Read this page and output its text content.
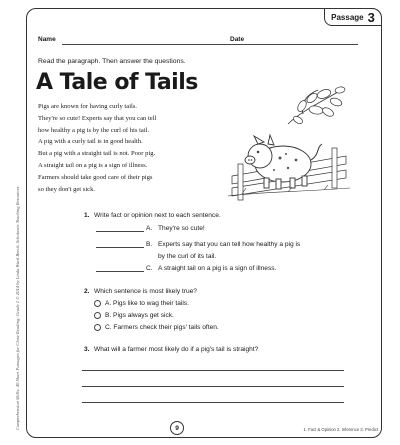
Comprehension Skills: 40 Short Passages for Close Reading: Grade 1 © 2014 by Linda Ward Beech, Scholastic Teaching Resources
Passage 3
Name	Date
Read the paragraph. Then answer the questions.
A Tale of Tails
Pigs are known for having curly tails.
They're so cute! Experts say that you can tell
how healthy a pig is by the curl of his tail.
A pig with a curly tail is in good health.
But a pig with a straight tail is not. Poor pig.
A straight tail on a pig is a sign of illness.
Farmers should take good care of their pigs
so they don't get sick.
1. Write fact or opinion next to each sentence.
A. They're so cute!
B. Experts say that you can tell how healthy a pig is
by the curl of its tail.
C. A straight tail on a pig is a sign of illness.
2. Which sentence is most likely true?
A. Pigs like to wag their tails.
B. Pigs always get sick.
C. Farmers check their pigs' tails often.
3. What will a farmer most likely do if a pig's tail is straight?
9	1. Fact & Opinion 2. Inference 3. Predict
